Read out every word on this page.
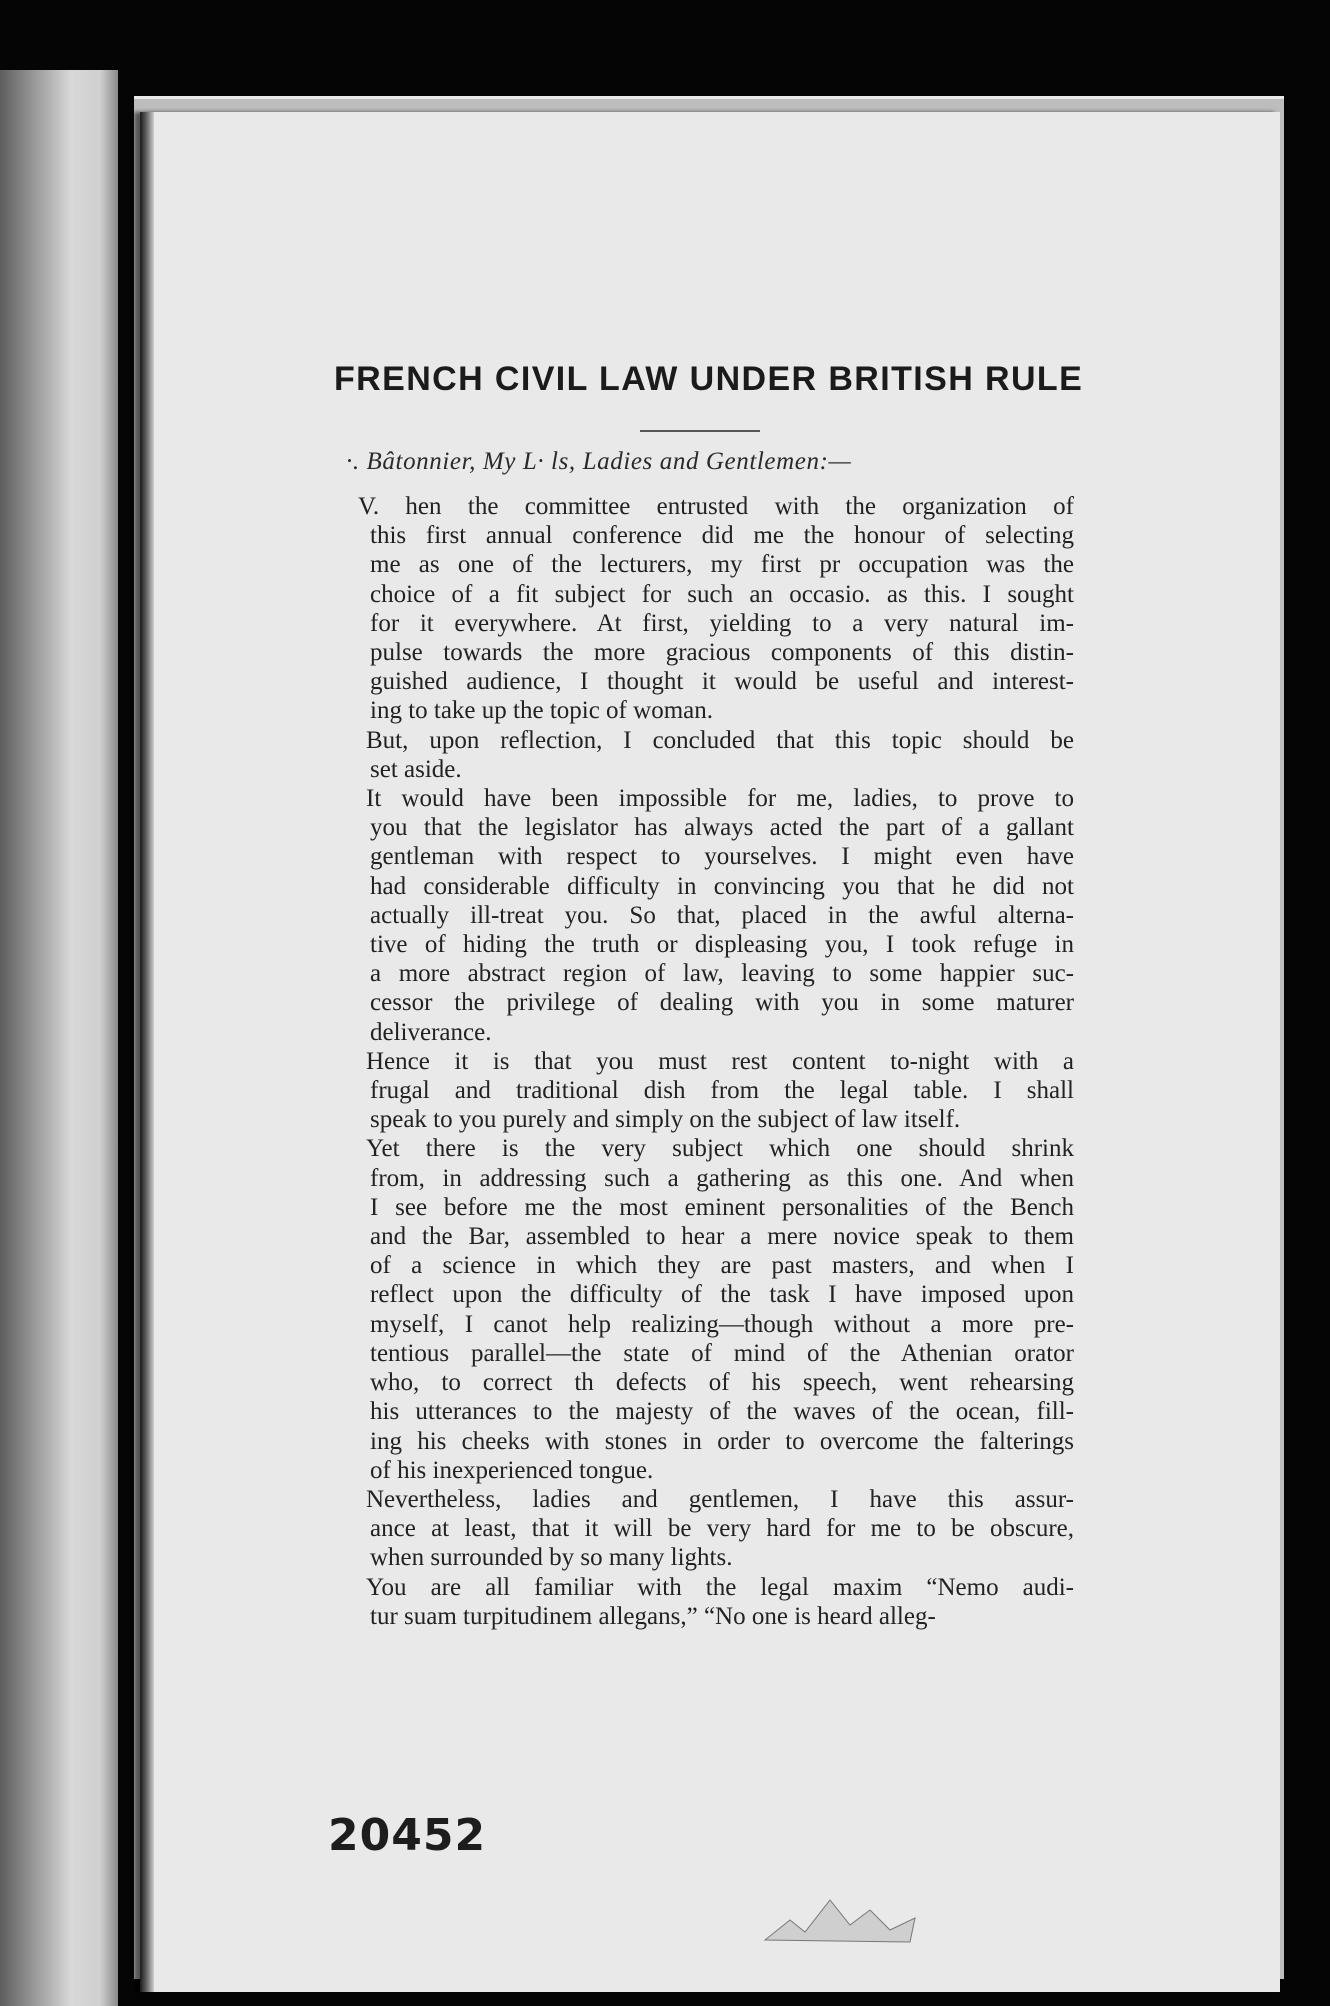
FRENCH CIVIL LAW UNDER BRITISH RULE
·. Bâtonnier, My L· ls, Ladies and Gentlemen:—

V. hen the committee entrusted with the organization of
this first annual conference did me the honour of selecting
me as one of the lecturers, my first pr occupation was the
choice of a fit subject for such an occasio. as this. I sought
for it everywhere. At first, yielding to a very natural im-
pulse towards the more gracious components of this distin-
guished audience, I thought it would be useful and interest-
ing to take up the topic of woman.

But, upon reflection, I concluded that this topic should be
set aside.

It would have been impossible for me, ladies, to prove to
you that the legislator has always acted the part of a gallant
gentleman with respect to yourselves. I might even have
had considerable difficulty in convincing you that he did not
actually ill-treat you. So that, placed in the awful alterna-
tive of hiding the truth or displeasing you, I took refuge in
a more abstract region of law, leaving to some happier suc-
cessor the privilege of dealing with you in some maturer
deliverance.

Hence it is that you must rest content to-night with a
frugal and traditional dish from the legal table. I shall
speak to you purely and simply on the subject of law itself.

Yet there is the very subject which one should shrink
from, in addressing such a gathering as this one. And when
I see before me the most eminent personalities of the Bench
and the Bar, assembled to hear a mere novice speak to them
of a science in which they are past masters, and when I
reflect upon the difficulty of the task I have imposed upon
myself, I canot help realizing—though without a more pre-
tentious parallel—the state of mind of the Athenian orator
who, to correct th defects of his speech, went rehearsing
his utterances to the majesty of the waves of the ocean, fill-
ing his cheeks with stones in order to overcome the falterings
of his inexperienced tongue.

Nevertheless, ladies and gentlemen, I have this assur-
ance at least, that it will be very hard for me to be obscure,
when surrounded by so many lights.

You are all familiar with the legal maxim “Nemo audi-
tur suam turpitudinem allegans,” “No one is heard alleg-

20452
